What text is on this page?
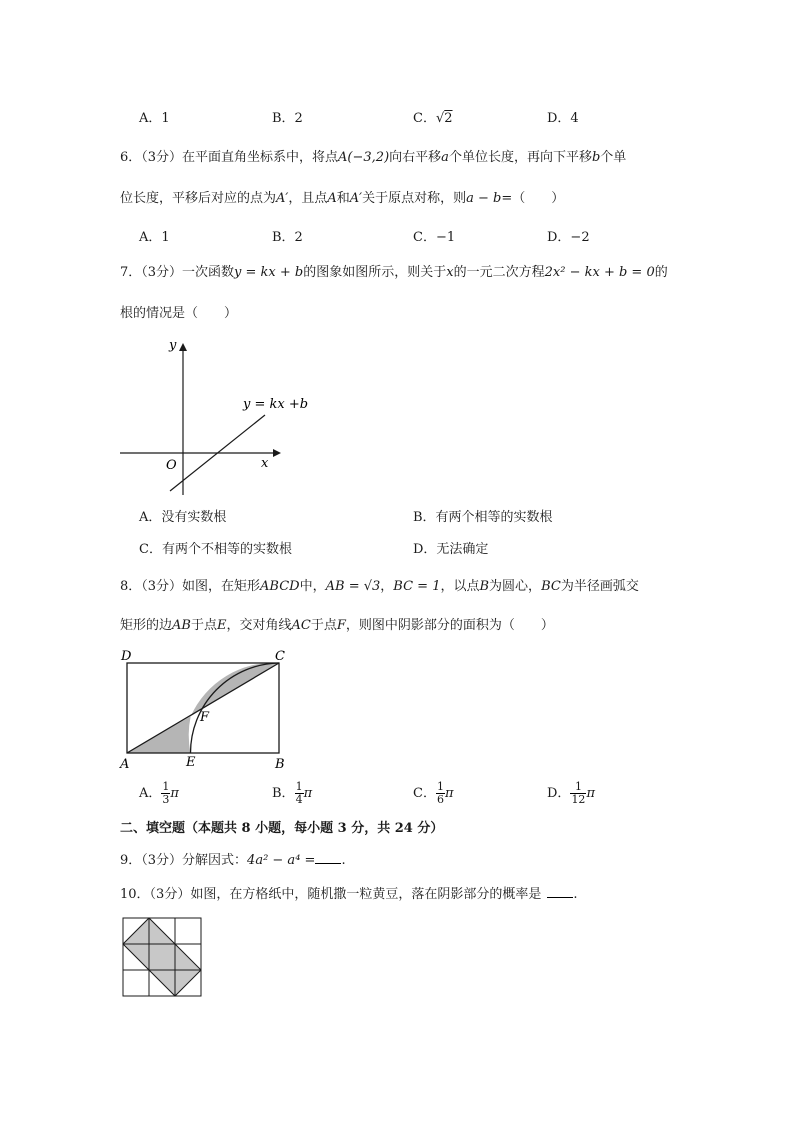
A．1	B．2	C．√2	D．4
6．（3分）在平面直角坐标系中，将点A(−3,2)向右平移a个单位长度，再向下平移b个单
位长度，平移后对应的点为A′，且点A和A′关于原点对称，则a − b=（　　）
A．1	B．2	C．−1	D．−2
7．（3分）一次函数y = kx + b的图象如图所示，则关于x的一元二次方程2x² − kx + b = 0的
根的情况是（　　）
y
x
O
y = kx +b
A．没有实数根	B．有两个相等的实数根
C．有两个不相等的实数根	D．无法确定
8．（3分）如图，在矩形ABCD中，AB = √3，BC = 1，以点B为圆心，BC为半径画弧交
矩形的边AB于点E，交对角线AC于点F，则图中阴影部分的面积为（　　）
D	C
A	E	B
F
A． $\frac{1}{3}$ π	B． $\frac{1}{4}$ π	C． $\frac{1}{6}$ π	D． $\frac{1}{12}$ π
二、填空题（本题共 8 小题，每小题 3 分，共 24 分）
9．（3分）分解因式：4a² − a⁴ = .
10．（3分）如图，在方格纸中，随机撒一粒黄豆，落在阴影部分的概率是 .
